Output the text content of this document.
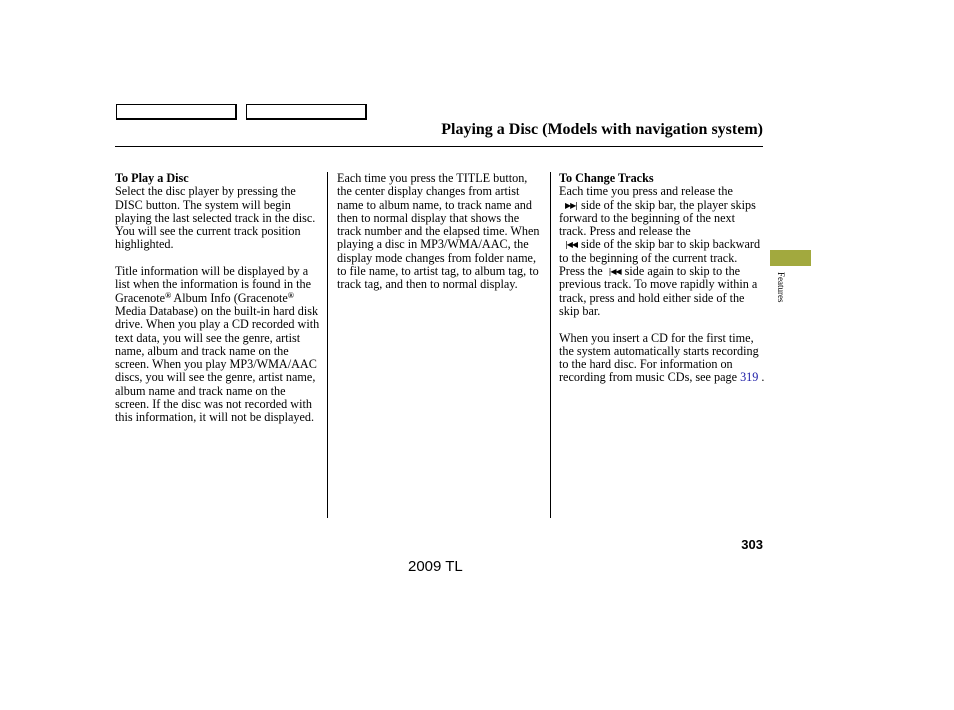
Playing a Disc (Models with navigation system)
To Play a Disc

Select the disc player by pressing the DISC button. The system will begin playing the last selected track in the disc. You will see the current track position highlighted.

Title information will be displayed by a list when the information is found in the Gracenote® Album Info (Gracenote® Media Database) on the built-in hard disk drive. When you play a CD recorded with text data, you will see the genre, artist name, album and track name on the screen. When you play MP3/WMA/AAC discs, you will see the genre, artist name, album name and track name on the screen. If the disc was not recorded with this information, it will not be displayed.

Each time you press the TITLE button, the center display changes from artist name to album name, to track name and then to normal display that shows the track number and the elapsed time. When playing a disc in MP3/WMA/AAC, the display mode changes from folder name, to file name, to artist tag, to album tag, to track tag, and then to normal display.

To Change Tracks

Each time you press and release the
▶▶| side of the skip bar, the player skips forward to the beginning of the next track. Press and release the
|◀◀ side of the skip bar to skip backward to the beginning of the current track. Press the |◀◀ side again to skip to the previous track. To move rapidly within a track, press and hold either side of the skip bar.

When you insert a CD for the first time, the system automatically starts recording to the hard disc. For information on recording from music CDs, see page 319 .

Features
303
2009 TL
